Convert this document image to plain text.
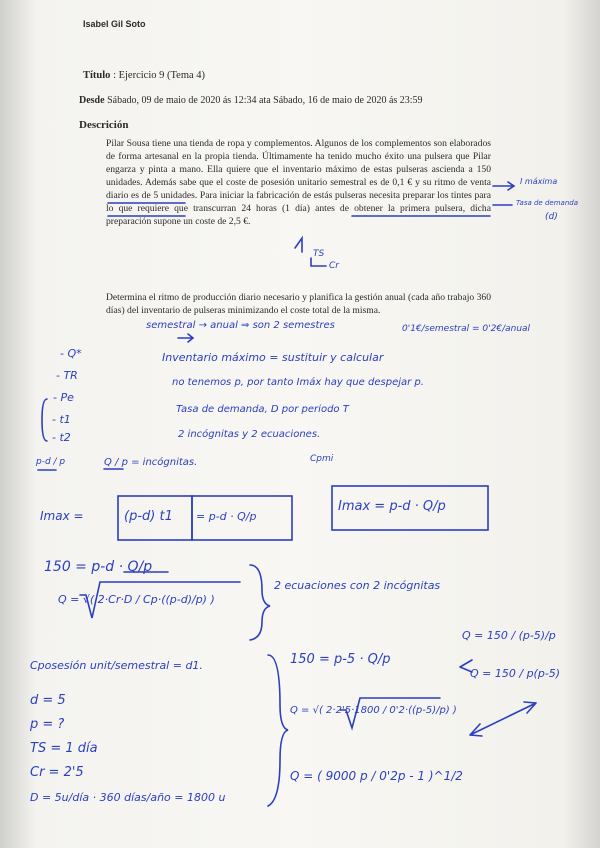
Isabel Gil Soto
Título : Ejercicio 9 (Tema 4)
Desde Sábado, 09 de maio de 2020 ás 12:34 ata Sábado, 16 de maio de 2020 ás 23:59
Descrición
Pilar Sousa tiene una tienda de ropa y complementos. Algunos de los complementos son elaborados de forma artesanal en la propia tienda. Últimamente ha tenido mucho éxito una pulsera que Pilar engarza y pinta a mano. Ella quiere que el inventario máximo de estas pulseras ascienda a 150 unidades. Además sabe que el coste de posesión unitario semestral es de 0,1 € y su ritmo de venta diario es de 5 unidades. Para iniciar la fabricación de estás pulseras necesita preparar los tintes para lo que requiere que transcurran 24 horas (1 día) antes de obtener la primera pulsera, dicha preparación supone un coste de 2,5 €.
Determina el ritmo de producción diario necesario y planifica la gestión anual (cada año trabajo 360 días) del inventario de pulseras minimizando el coste total de la misma.
I máxima
Tasa de demanda
(d)
TS
Cr
semestral → anual ⇒ son 2 semestres	0'1€/semestral = 0'2€/anual
- Q*
- TR
- Pe
- t1
- t2
Inventario máximo = sustituir y calcular
no tenemos p, por tanto Imáx hay que despejar p.
Tasa de demanda, D por periodo T
2 incógnitas y 2 ecuaciones.
Cpmi
p-d / p	Q / p = incógnitas.
Imax =	(p-d) t1 = p-d · Q/p
Imax = p-d · Q/p
150 = p-d · Q/p
Q = √( 2·Cr·D / Cp·((p-d)/p) )
2 ecuaciones con 2 incógnitas
Cposesión unit/semestral = d1.
d = 5
p = ?
TS = 1 día
Cr = 2'5
D = 5u/día · 360 días/año = 1800 u
150 = p-5 · Q/p
Q = 150 / (p-5)/p
Q = 150 / p(p-5)
Q = √( 2·2'5·1800 / 0'2·((p-5)/p) )
Q = ( 9000 p / 0'2p - 1 )^1/2
